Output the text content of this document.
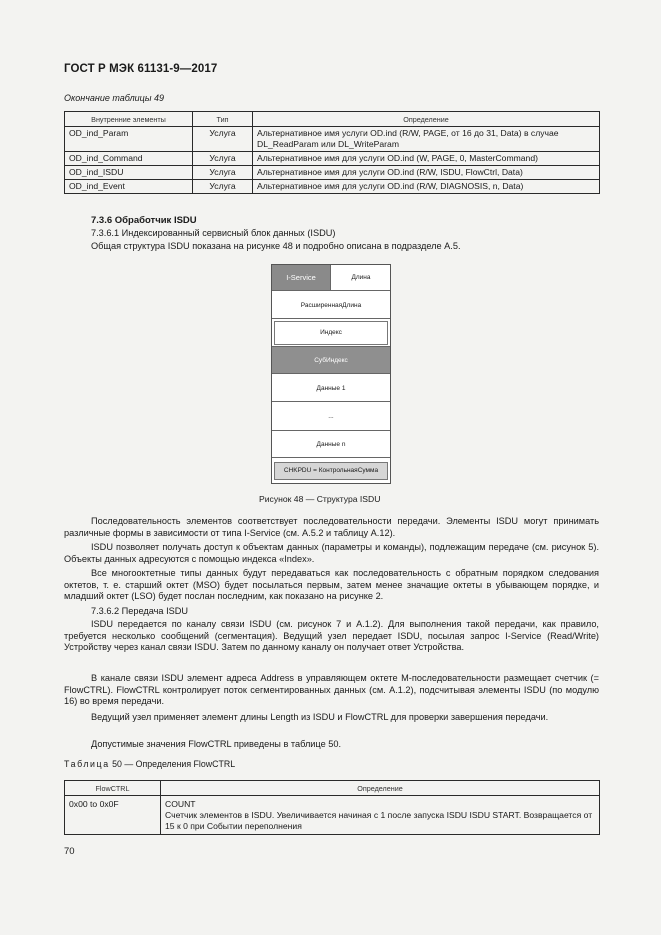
ГОСТ Р МЭК 61131-9—2017
Окончание таблицы 49
Внутренние элементы	Тип	Определение
OD_ind_Param	Услуга	Альтернативное имя услуги OD.ind (R/W, PAGE, от 16 до 31, Data) в случае DL_ReadParam или DL_WriteParam
OD_ind_Command	Услуга	Альтернативное имя для услуги OD.ind (W, PAGE, 0, MasterCommand)
OD_ind_ISDU	Услуга	Альтернативное имя для услуги OD.ind (R/W, ISDU, FlowCtrl, Data)
OD_ind_Event	Услуга	Альтернативное имя для услуги OD.ind (R/W, DIAGNOSIS, n, Data)
7.3.6 Обработчик ISDU
7.3.6.1 Индексированный сервисный блок данных (ISDU)
Общая структура ISDU показана на рисунке 48 и подробно описана в подразделе A.5.
I-Service	Длина
РасширеннаяДлина
Индекс
СубИндекс
Данные 1
...
Данные n
CHKPDU = КонтрольнаяСумма
Рисунок 48 — Структура ISDU
Последовательность элементов соответствует последовательности передачи. Элементы ISDU могут принимать различные формы в зависимости от типа I-Service (см. A.5.2 и таблицу A.12).
ISDU позволяет получать доступ к объектам данных (параметры и команды), подлежащим передаче (см. рисунок 5). Объекты данных адресуются с помощью индекса «Index».
Все многооктетные типы данных будут передаваться как последовательность с обратным порядком следования октетов, т. е. старший октет (MSO) будет посылаться первым, затем менее значащие октеты в убывающем порядке, и младший октет (LSO) будет послан последним, как показано на рисунке 2.
7.3.6.2 Передача ISDU
ISDU передается по каналу связи ISDU (см. рисунок 7 и A.1.2). Для выполнения такой передачи, как правило, требуется несколько сообщений (сегментация). Ведущий узел передает ISDU, посылая запрос I-Service (Read/Write) Устройству через канал связи ISDU. Затем по данному каналу он получает ответ Устройства.
В канале связи ISDU элемент адреса Address в управляющем октете M-последовательности размещает счетчик (= FlowCTRL). FlowCTRL контролирует поток сегментированных данных (см. A.1.2), подсчитывая элементы ISDU (по модулю 16) во время передачи.
Ведущий узел применяет элемент длины Length из ISDU и FlowCTRL для проверки завершения передачи.
Допустимые значения FlowCTRL приведены в таблице 50.
Таблица 50 — Определения FlowCTRL
FlowCTRL	Определение
0x00 to 0x0F	COUNT
Счетчик элементов в ISDU. Увеличивается начиная с 1 после запуска ISDU ISDU START. Возвращается от 15 к 0 при Событии переполнения
70
